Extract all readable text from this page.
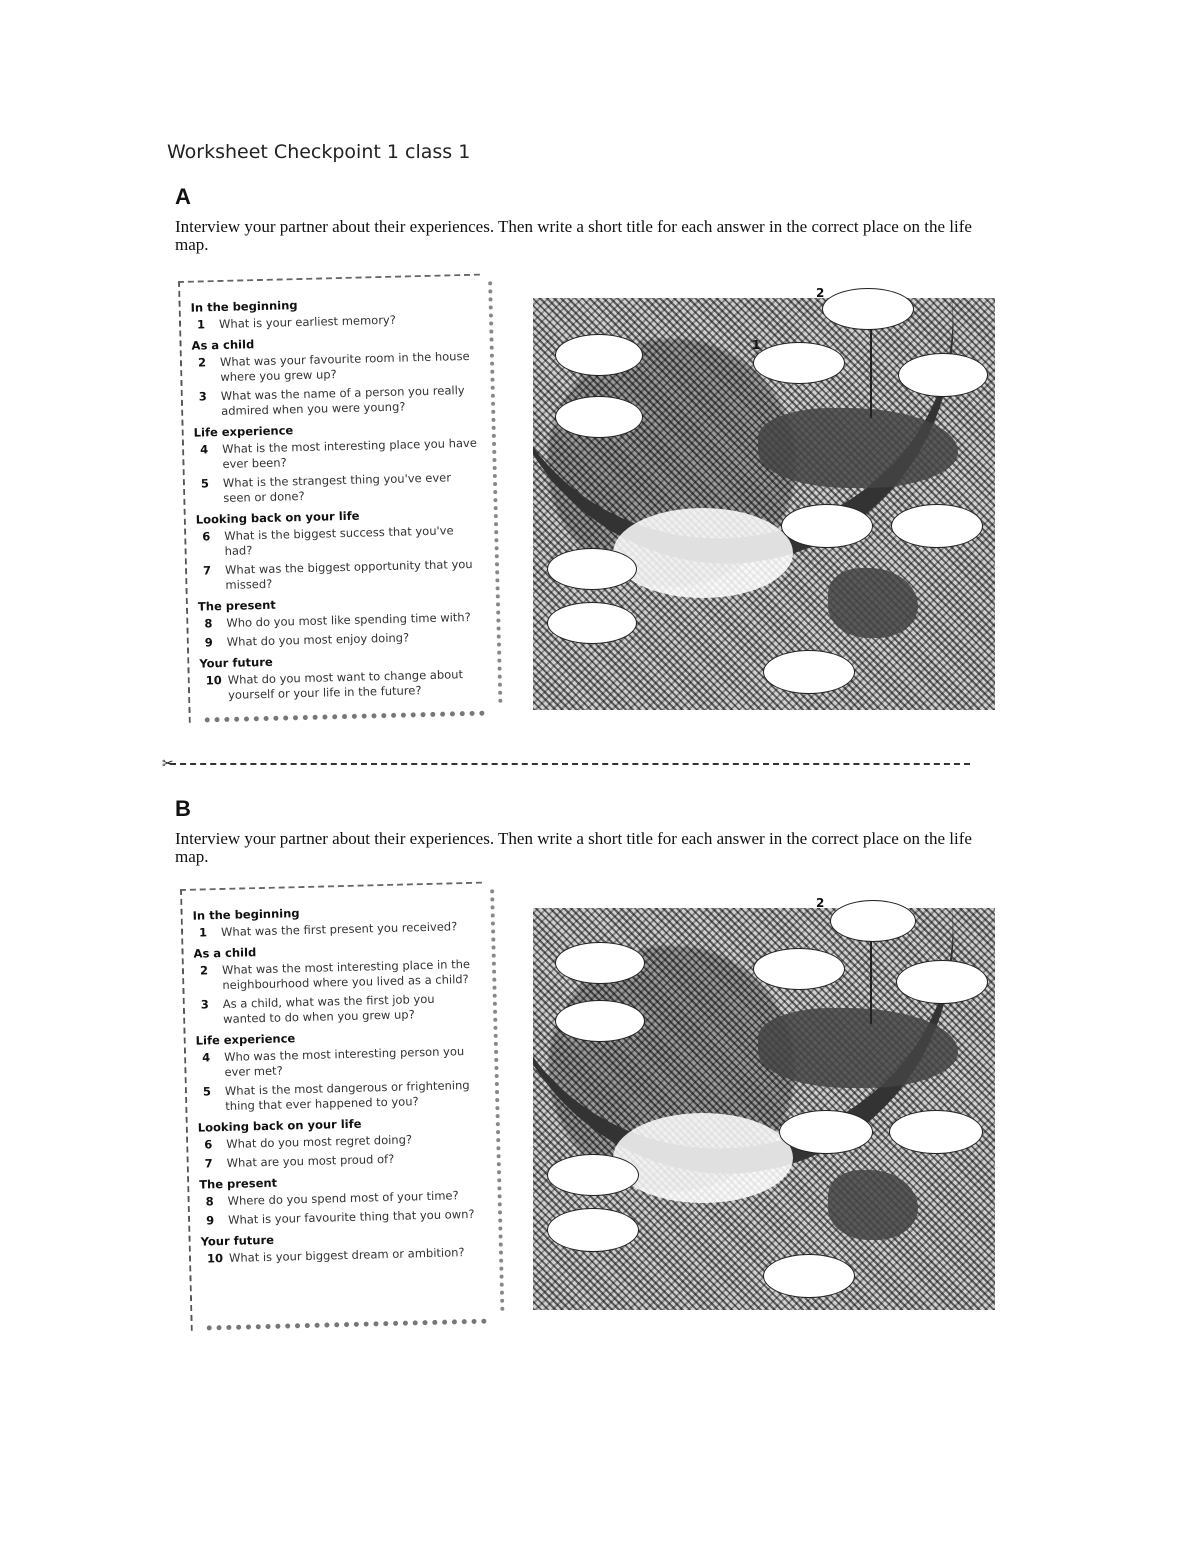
Worksheet Checkpoint 1 class 1
A
Interview your partner about their experiences. Then write a short title for each answer in the correct place on the life map.
In the beginning
1	What is your earliest memory?
As a child
2	What was your favourite room in the house where you grew up?
3	What was the name of a person you really admired when you were young?
Life experience
4	What is the most interesting place you have ever been?
5	What is the strangest thing you've ever seen or done?
Looking back on your life
6	What is the biggest success that you've had?
7	What was the biggest opportunity that you missed?
The present
8	Who do you most like spending time with?
9	What do you most enjoy doing?
Your future
10 What do you most want to change about yourself or your life in the future?
1
2
✂
B
Interview your partner about their experiences. Then write a short title for each answer in the correct place on the life map.
In the beginning
1	What was the first present you received?
As a child
2	What was the most interesting place in the neighbourhood where you lived as a child?
3	As a child, what was the first job you wanted to do when you grew up?
Life experience
4	Who was the most interesting person you ever met?
5	What is the most dangerous or frightening thing that ever happened to you?
Looking back on your life
6	What do you most regret doing?
7	What are you most proud of?
The present
8	Where do you spend most of your time?
9	What is your favourite thing that you own?
Your future
10 What is your biggest dream or ambition?
2
